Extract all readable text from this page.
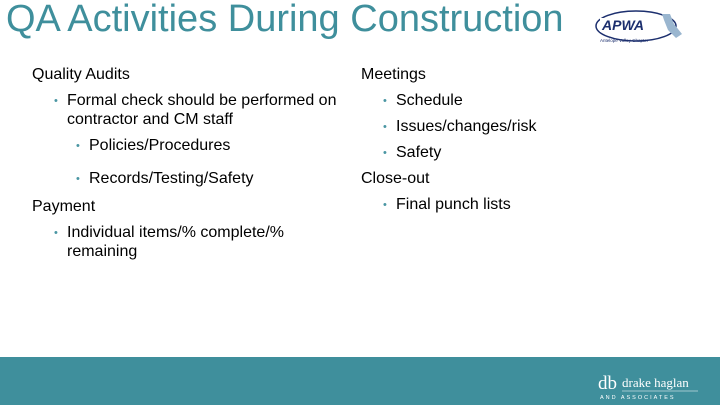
QA Activities During Construction	APWA
Antelope Valley Chapter
Quality Audits
• Formal check should be performed on contractor and CM staff
• Policies/Procedures
• Records/Testing/Safety
Payment
• Individual items/% complete/% remaining
Meetings
• Schedule
• Issues/changes/risk
• Safety
Close-out
• Final punch lists
db drake haglan
AND ASSOCIATES
